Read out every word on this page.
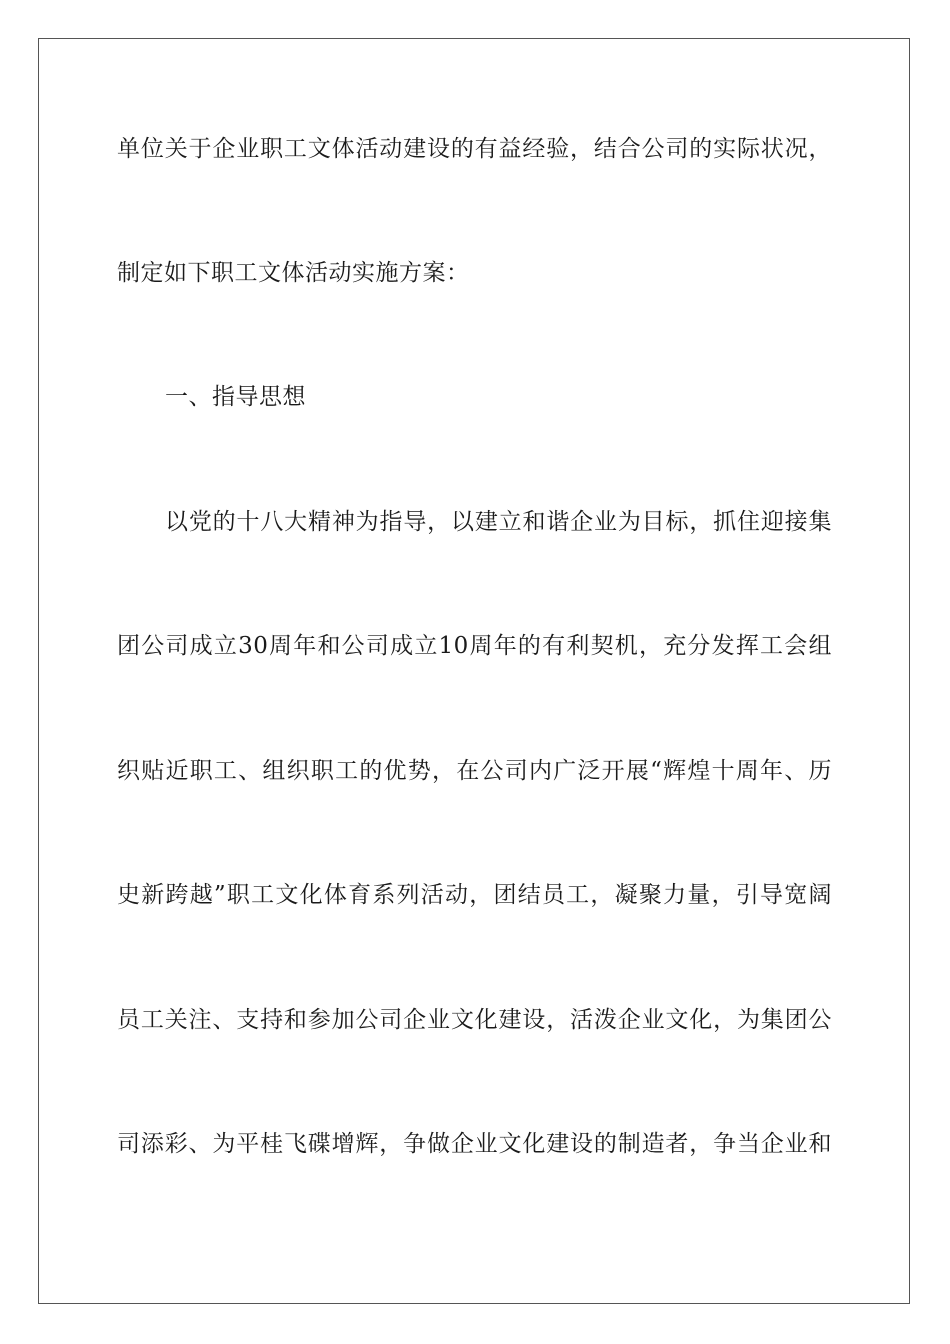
单位关于企业职工文体活动建设的有益经验，结合公司的实际状况，
制定如下职工文体活动实施方案：
一、指导思想
以党的十八大精神为指导，以建立和谐企业为目标，抓住迎接集
团公司成立30周年和公司成立10周年的有利契机，充分发挥工会组
织贴近职工、组织职工的优势，在公司内广泛开展“辉煌十周年、历
史新跨越”职工文化体育系列活动，团结员工，凝聚力量，引导宽阔
员工关注、支持和参加公司企业文化建设，活泼企业文化，为集团公
司添彩、为平桂飞碟增辉，争做企业文化建设的制造者，争当企业和
